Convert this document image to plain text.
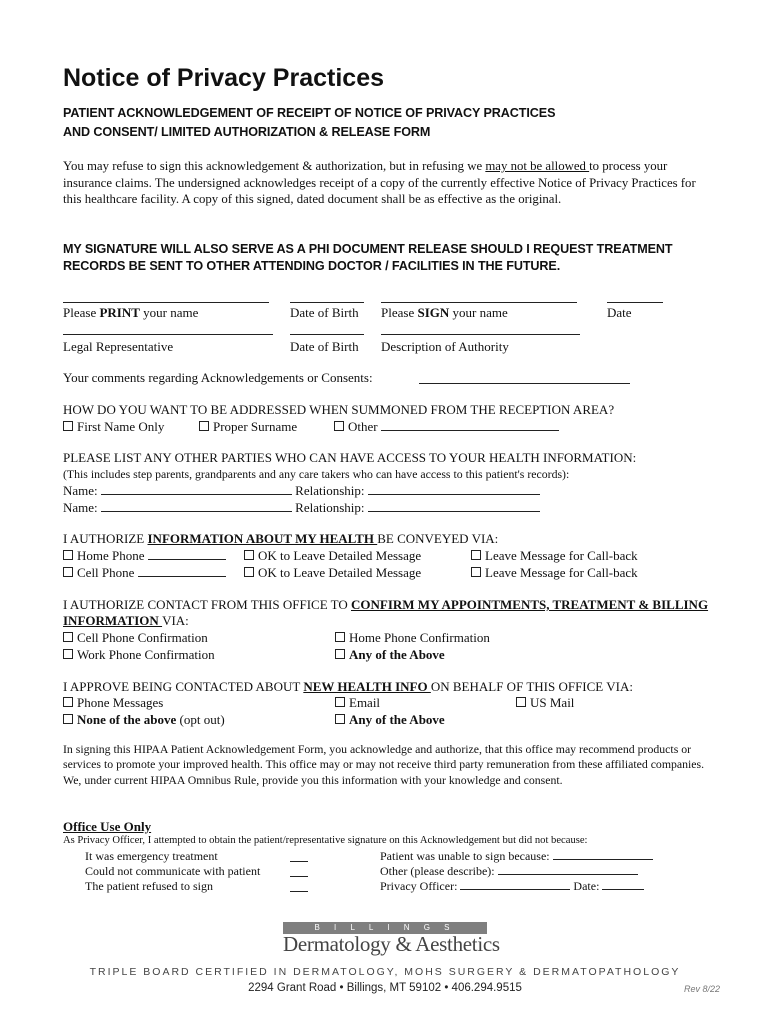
Notice of Privacy Practices
PATIENT ACKNOWLEDGEMENT OF RECEIPT OF NOTICE OF PRIVACY PRACTICES
AND CONSENT/ LIMITED AUTHORIZATION & RELEASE FORM
You may refuse to sign this acknowledgement & authorization, but in refusing we may not be allowed to process your insurance claims. The undersigned acknowledges receipt of a copy of the currently effective Notice of Privacy Practices for this healthcare facility. A copy of this signed, dated document shall be as effective as the original.
MY SIGNATURE WILL ALSO SERVE AS A PHI DOCUMENT RELEASE SHOULD I REQUEST TREATMENT
RECORDS BE SENT TO OTHER ATTENDING DOCTOR / FACILITIES IN THE FUTURE.
Please PRINT your name	Date of Birth Please SIGN your name	Date
Legal Representative	Date of Birth Description of Authority
Your comments regarding Acknowledgements or Consents:
HOW DO YOU WANT TO BE ADDRESSED WHEN SUMMONED FROM THE RECEPTION AREA?
First Name Only	Proper Surname	Other
PLEASE LIST ANY OTHER PARTIES WHO CAN HAVE ACCESS TO YOUR HEALTH INFORMATION:
(This includes step parents, grandparents and any care takers who can have access to this patient's records):
Name:	Relationship:
Name:	Relationship:
I AUTHORIZE INFORMATION ABOUT MY HEALTH BE CONVEYED VIA:
Home Phone	OK to Leave Detailed Message	Leave Message for Call-back
Cell Phone	OK to Leave Detailed Message	Leave Message for Call-back
I AUTHORIZE CONTACT FROM THIS OFFICE TO CONFIRM MY APPOINTMENTS, TREATMENT & BILLING
INFORMATION VIA:
Cell Phone Confirmation	Home Phone Confirmation
Work Phone Confirmation	Any of the Above
I APPROVE BEING CONTACTED ABOUT NEW HEALTH INFO ON BEHALF OF THIS OFFICE VIA:
Phone Messages	Email	US Mail
None of the above (opt out)	Any of the Above
In signing this HIPAA Patient Acknowledgement Form, you acknowledge and authorize, that this office may recommend products or services to promote your improved health. This office may or may not receive third party remuneration from these affiliated companies. We, under current HIPAA Omnibus Rule, provide you this information with your knowledge and consent.
Office Use Only
As Privacy Officer, I attempted to obtain the patient/representative signature on this Acknowledgement but did not because:
It was emergency treatment
Could not communicate with patient
The patient refused to sign
Patient was unable to sign because:
Other (please describe):
Privacy Officer:	Date:
B I L L I N G S
Dermatology & Aesthetics
TRIPLE BOARD CERTIFIED IN DERMATOLOGY, MOHS SURGERY & DERMATOPATHOLOGY
2294 Grant Road • Billings, MT 59102 • 406.294.9515	Rev 8/22
